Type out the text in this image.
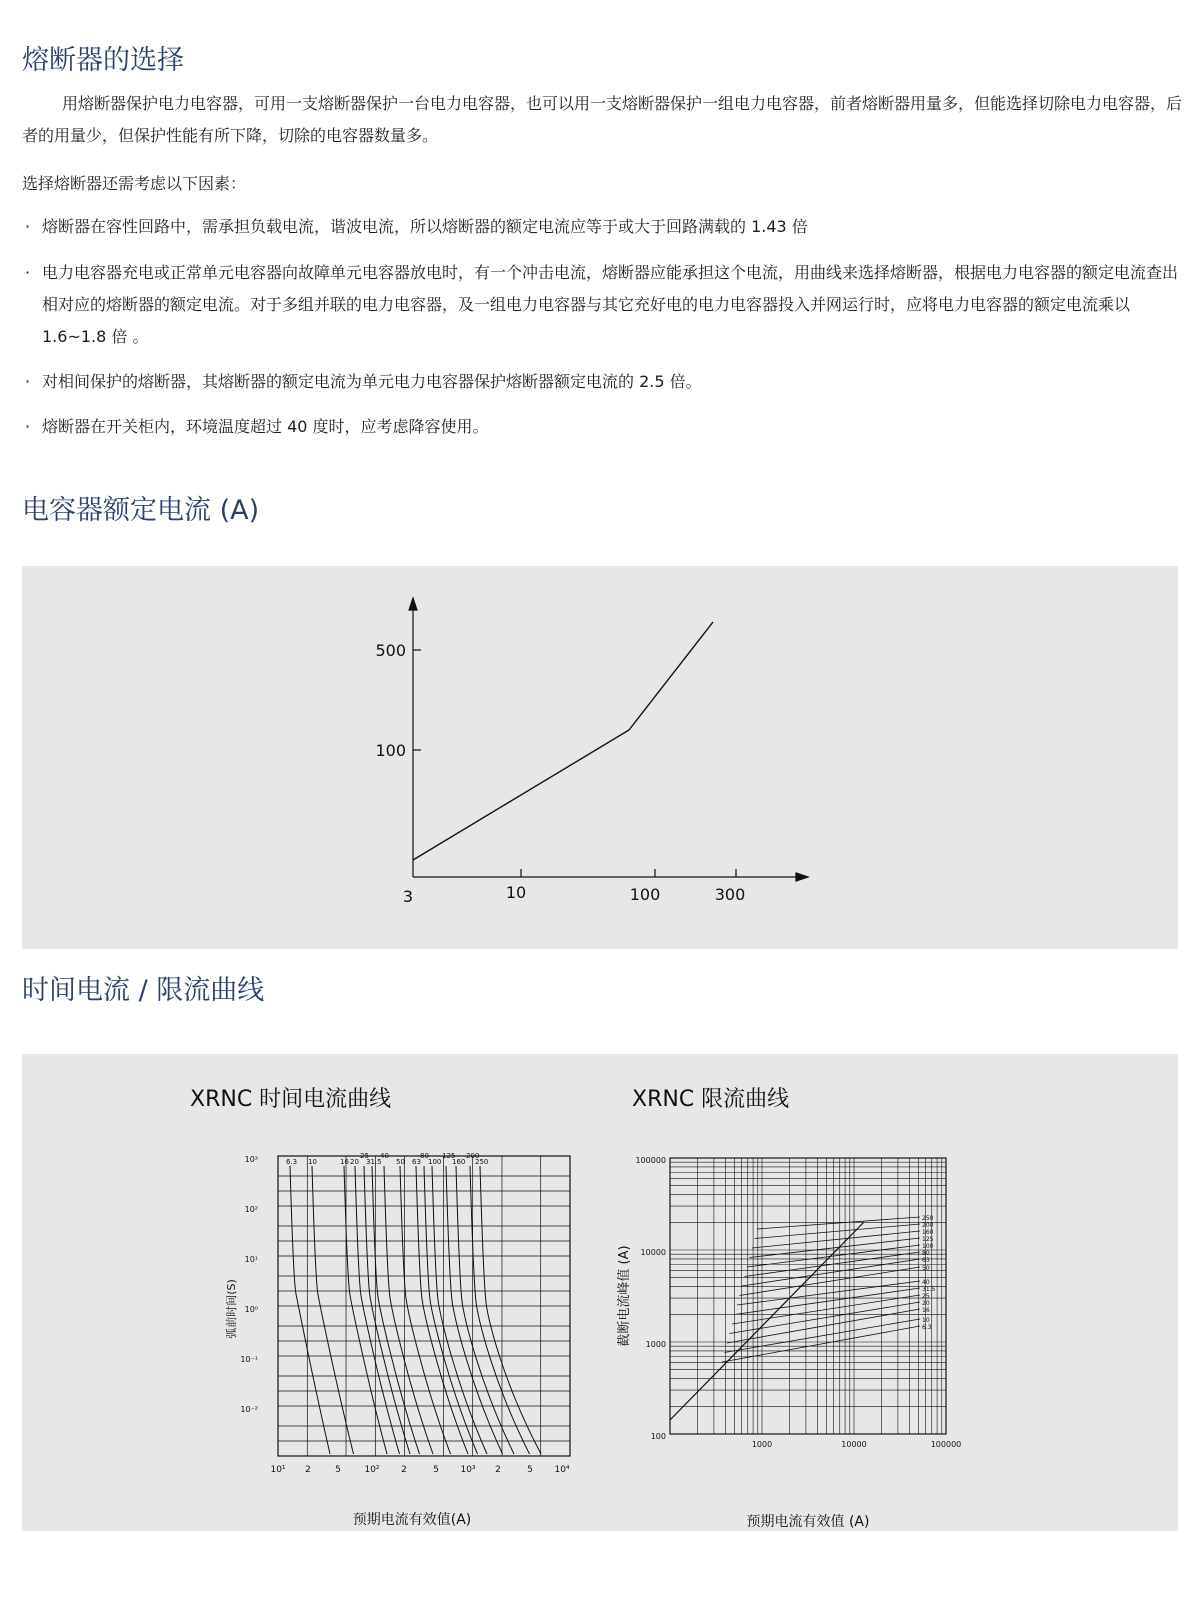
熔断器的选择

用熔断器保护电力电容器，可用一支熔断器保护一台电力电容器，也可以用一支熔断器保护一组电力电容器，前者熔断器用量多，但能选择切除电力电容器，后者的用量少，但保护性能有所下降，切除的电容器数量多。

选择熔断器还需考虑以下因素：

· 熔断器在容性回路中，需承担负载电流，谐波电流，所以熔断器的额定电流应等于或大于回路满载的 1.43 倍
· 电力电容器充电或正常单元电容器向故障单元电容器放电时，有一个冲击电流，熔断器应能承担这个电流，用曲线来选择熔断器，根据电力电容器的额定电流查出相对应的熔断器的额定电流。对于多组并联的电力电容器，及一组电力电容器与其它充好电的电力电容器投入并网运行时，应将电力电容器的额定电流乘以 1.6~1.8 倍 。
· 对相间保护的熔断器，其熔断器的额定电流为单元电力电容器保护熔断器额定电流的 2.5 倍。
· 熔断器在开关柜内，环境温度超过 40 度时，应考虑降容使用。
电容器额定电流 (A)
500
100
3	10	100	300
时间电流 / 限流曲线
XRNC 时间电流曲线	XRNC 限流曲线
6.3 10	16 20
25
31.5
40
50 63
80
100
125
160
200
250
10³
10²
10¹
10⁰
10⁻¹
10⁻²
10¹ 2	5	10² 2	5 10³ 2	5 10⁴
预期电流有效值(A)
弧前时间(S)
250
200
160
125
100
80
63
50
40
31.5
25
20
16
10
6.3
100000
10000
1000
100
1000	10000	100000
预期电流有效值 (A)
截断电流峰值 (A)
